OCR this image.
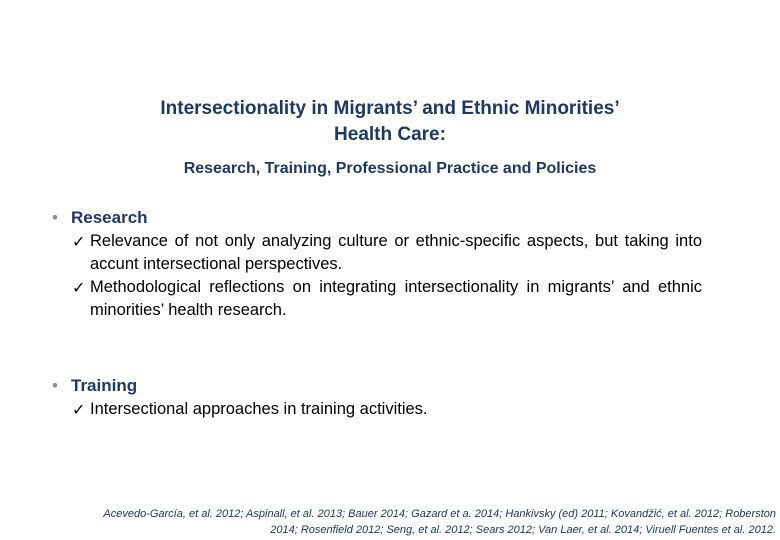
Intersectionality in Migrants’ and Ethnic Minorities’
Health Care:
Research, Training, Professional Practice and Policies
• Research
✓ Relevance of not only analyzing culture or ethnic-specific aspects, but taking into accunt intersectional perspectives.
✓ Methodological reflections on integrating intersectionality in migrants’ and ethnic minorities’ health research.
• Training
✓ Intersectional approaches in training activities.
Acevedo-García, et al. 2012; Aspinall, et al. 2013; Bauer 2014; Gazard et a. 2014; Hankivsky (ed) 2011; Kovandžić, et al. 2012; Roberston
2014; Rosenfield 2012; Seng, et al. 2012; Sears 2012; Van Laer, et al. 2014; Viruell Fuentes et al. 2012.
